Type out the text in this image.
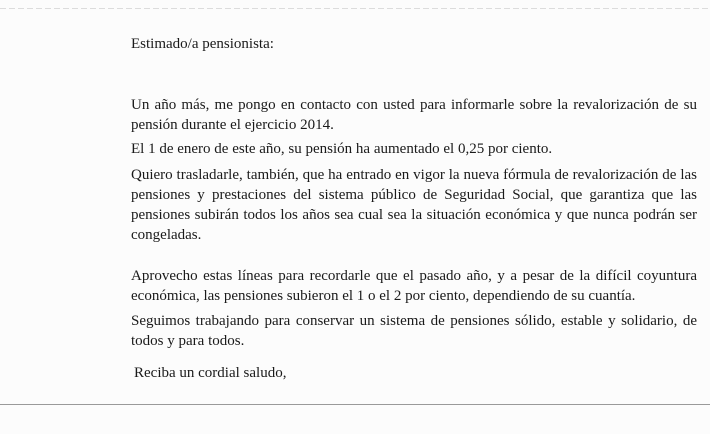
Estimado/a pensionista:

Un año más, me pongo en contacto con usted para informarle sobre la revalorización de su pensión durante el ejercicio 2014.

El 1 de enero de este año, su pensión ha aumentado el 0,25 por ciento.

Quiero trasladarle, también, que ha entrado en vigor la nueva fórmula de revalorización de las pensiones y prestaciones del sistema público de Seguridad Social, que garantiza que las pensiones subirán todos los años sea cual sea la situación económica y que nunca podrán ser congeladas.

Aprovecho estas líneas para recordarle que el pasado año, y a pesar de la difícil coyuntura económica, las pensiones subieron el 1 o el 2 por ciento, dependiendo de su cuantía.

Seguimos trabajando para conservar un sistema de pensiones sólido, estable y solidario, de todos y para todos.

Reciba un cordial saludo,
